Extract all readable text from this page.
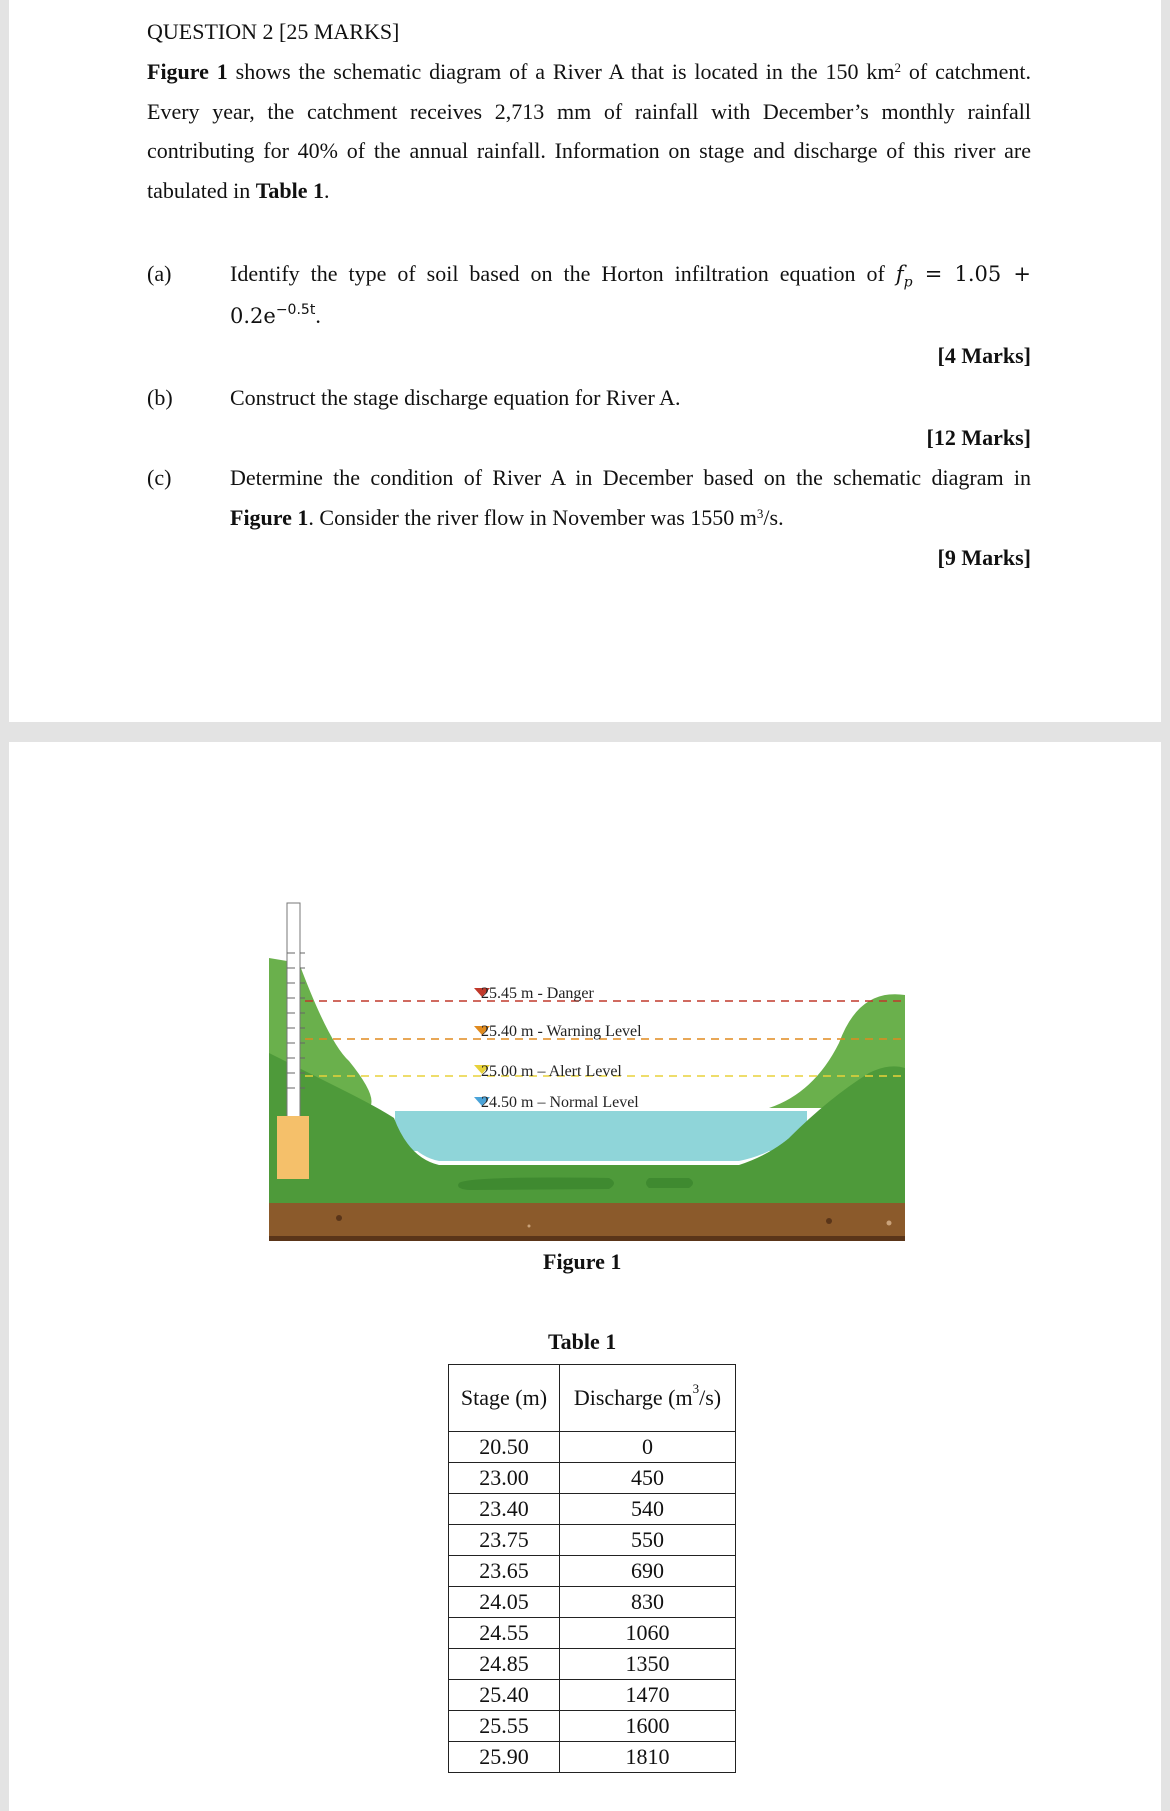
QUESTION 2 [25 MARKS]
Figure 1 shows the schematic diagram of a River A that is located in the 150 $km^2$ of catchment. Every year, the catchment receives 2,713 mm of rainfall with December’s monthly rainfall contributing for 40% of the annual rainfall. Information on stage and discharge of this river are tabulated in Table 1.
(a)	Identify the type of soil based on the Horton infiltration equation of $f_p = 1.05$ +
$0.2e^{-0.5t}$.
[4 Marks]
(b)	Construct the stage discharge equation for River A.
[12 Marks]
(c)	Determine the condition of River A in December based on the schematic diagram in Figure 1. Consider the river flow in November was 1550 $m^3/s$.
[9 Marks]
25.45 m - Danger
25.40 m - Warning Level
25.00 m – Alert Level
24.50 m – Normal Level
Figure 1
Table 1
Stage (m)	Discharge $(m^3/s)$
20.50	0
23.00	450
23.40	540
23.75	550
23.65	690
24.05	830
24.55	1060
24.85	1350
25.40	1470
25.55	1600
25.90	1810
